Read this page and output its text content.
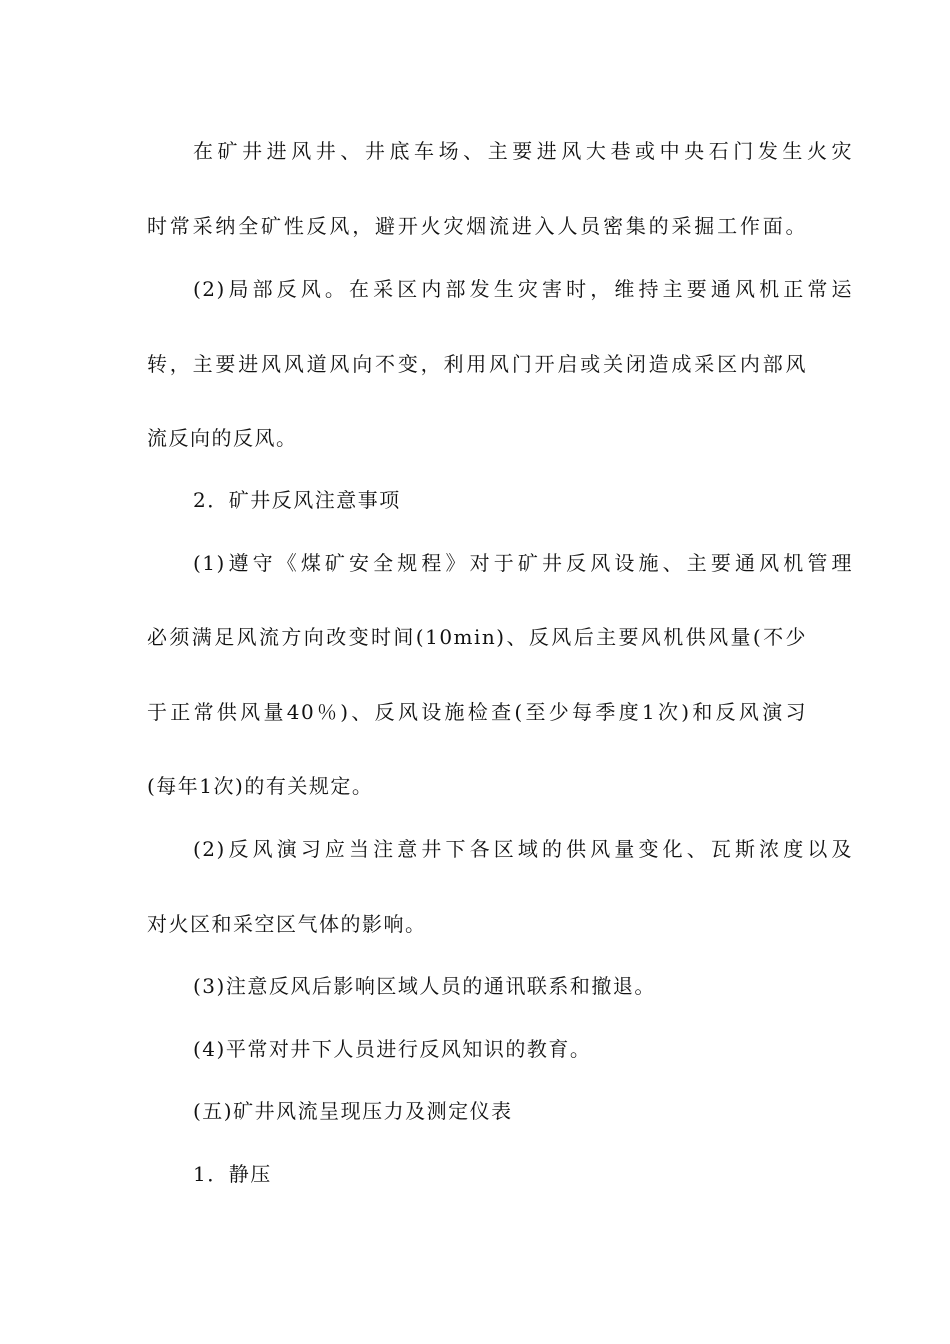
在矿井进风井、井底车场、主要进风大巷或中央石门发生火灾
时常采纳全矿性反风，避开火灾烟流进入人员密集的采掘工作面。
(2)局部反风。在采区内部发生灾害时，维持主要通风机正常运
转，主要进风风道风向不变，利用风门开启或关闭造成采区内部风
流反向的反风。
2．矿井反风注意事项
(1)遵守《煤矿安全规程》对于矿井反风设施、主要通风机管理
必须满足风流方向改变时间(10min)、反风后主要风机供风量(不少
于正常供风量40％)、反风设施检查(至少每季度1次)和反风演习
(每年1次)的有关规定。
(2)反风演习应当注意井下各区域的供风量变化、瓦斯浓度以及
对火区和采空区气体的影响。
(3)注意反风后影响区域人员的通讯联系和撤退。
(4)平常对井下人员进行反风知识的教育。
(五)矿井风流呈现压力及测定仪表
1．静压
